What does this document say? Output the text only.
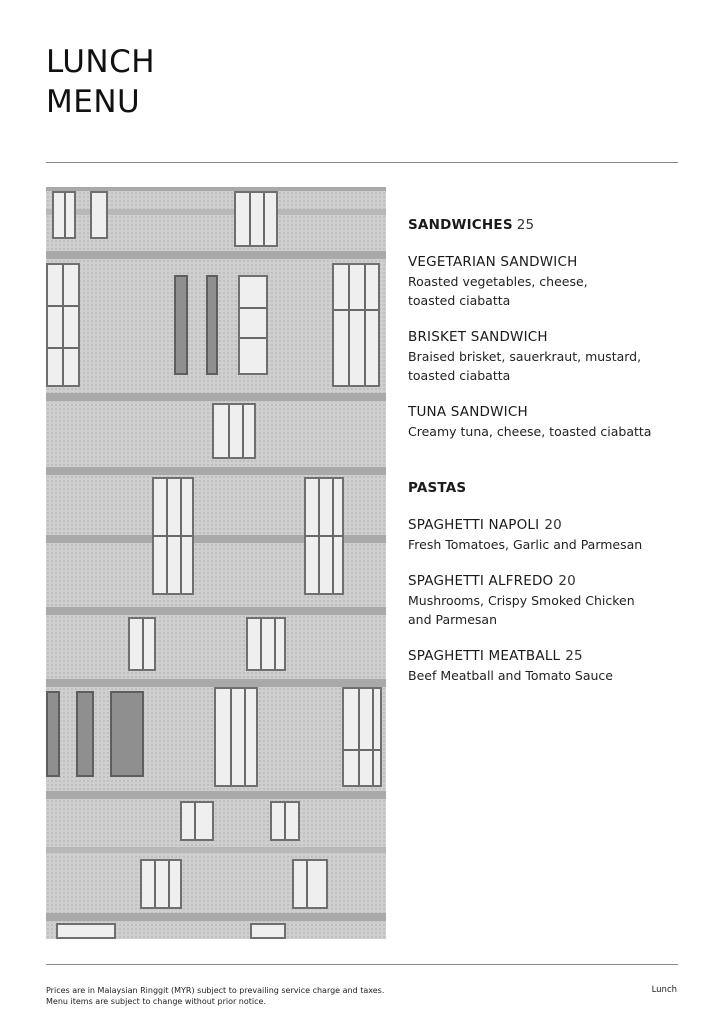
LUNCH
MENU
SANDWICHES 25
VEGETARIAN SANDWICH
Roasted vegetables, cheese,
toasted ciabatta
BRISKET SANDWICH
Braised brisket, sauerkraut, mustard,
toasted ciabatta
TUNA SANDWICH
Creamy tuna, cheese, toasted ciabatta
PASTAS
SPAGHETTI NAPOLI 20
Fresh Tomatoes, Garlic and Parmesan
SPAGHETTI ALFREDO 20
Mushrooms, Crispy Smoked Chicken
and Parmesan
SPAGHETTI MEATBALL 25
Beef Meatball and Tomato Sauce
Prices are in Malaysian Ringgit (MYR) subject to prevailing service charge and taxes.
Menu items are subject to change without prior notice.
Lunch
